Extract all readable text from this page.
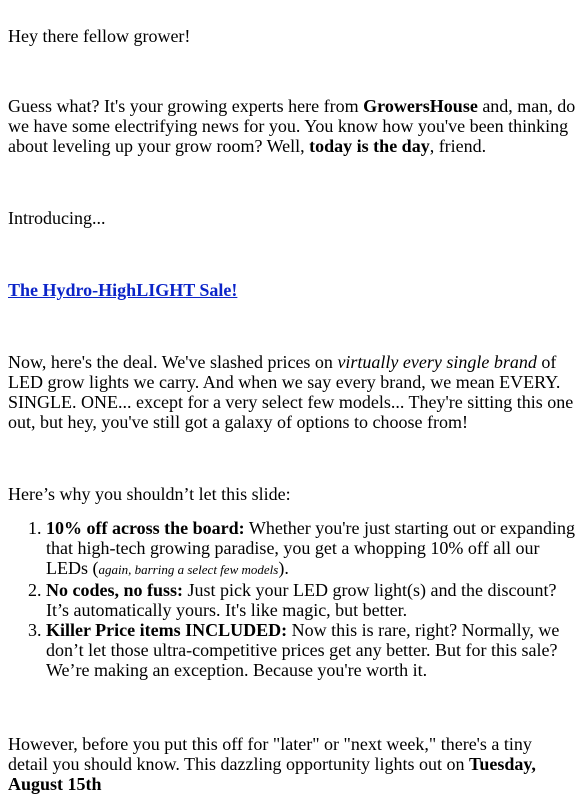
Hey there fellow grower!

Guess what? It's your growing experts here from GrowersHouse and, man, do we have some electrifying news for you. You know how you've been thinking about leveling up your grow room? Well, today is the day, friend.

Introducing...

The Hydro-HighLIGHT Sale!

Now, here's the deal. We've slashed prices on virtually every single brand of LED grow lights we carry. And when we say every brand, we mean EVERY. SINGLE. ONE... except for a very select few models... They're sitting this one out, but hey, you've still got a galaxy of options to choose from!

Here’s why you shouldn’t let this slide:

1. 10% off across the board: Whether you're just starting out or expanding that high-tech growing paradise, you get a whopping 10% off all our LEDs (again, barring a select few models).
2. No codes, no fuss: Just pick your LED grow light(s) and the discount? It’s automatically yours. It's like magic, but better.
3. Killer Price items INCLUDED: Now this is rare, right? Normally, we don’t let those ultra-competitive prices get any better. But for this sale? We’re making an exception. Because you're worth it.

However, before you put this off for "later" or "next week," there's a tiny detail you should know. This dazzling opportunity lights out on Tuesday, August 15th
